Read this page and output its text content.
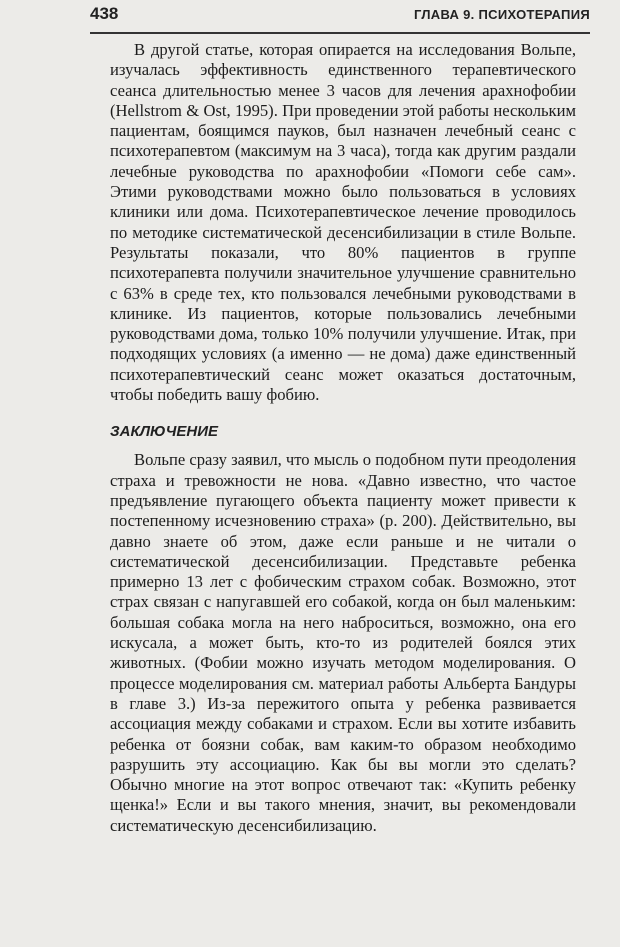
438	ГЛАВА 9. ПСИХОТЕРАПИЯ

В другой статье, которая опирается на исследования Вольпе, изучалась эффективность единственного терапевтического сеанса длительностью менее 3 часов для лечения арахнофобии (Hellstrom & Ost, 1995). При проведении этой работы нескольким пациентам, боящимся пауков, был назначен лечебный сеанс с психотерапевтом (максимум на 3 часа), тогда как другим раздали лечебные руководства по арахнофобии «Помоги себе сам». Этими руководствами можно было пользоваться в условиях клиники или дома. Психотерапевтическое лечение проводилось по методике систематической десенсибилизации в стиле Вольпе. Результаты показали, что 80% пациентов в группе психотерапевта получили значительное улучшение сравнительно с 63% в среде тех, кто пользовался лечебными руководствами в клинике. Из пациентов, которые пользовались лечебными руководствами дома, только 10% получили улучшение. Итак, при подходящих условиях (а именно — не дома) даже единственный психотерапевтический сеанс может оказаться достаточным, чтобы победить вашу фобию.

ЗАКЛЮЧЕНИЕ

Вольпе сразу заявил, что мысль о подобном пути преодоления страха и тревожности не нова. «Давно известно, что частое предъявление пугающего объекта пациенту может привести к постепенному исчезновению страха» (р. 200). Действительно, вы давно знаете об этом, даже если раньше и не читали о систематической десенсибилизации. Представьте ребенка примерно 13 лет с фобическим страхом собак. Возможно, этот страх связан с напугавшей его собакой, когда он был маленьким: большая собака могла на него наброситься, возможно, она его искусала, а может быть, кто-то из родителей боялся этих животных. (Фобии можно изучать методом моделирования. О процессе моделирования см. материал работы Альберта Бандуры в главе 3.) Из-за пережитого опыта у ребенка развивается ассоциация между собаками и страхом. Если вы хотите избавить ребенка от боязни собак, вам каким-то образом необходимо разрушить эту ассоциацию. Как бы вы могли это сделать? Обычно многие на этот вопрос отвечают так: «Купить ребенку щенка!» Если и вы такого мнения, значит, вы рекомендовали систематическую десенсибилизацию.
